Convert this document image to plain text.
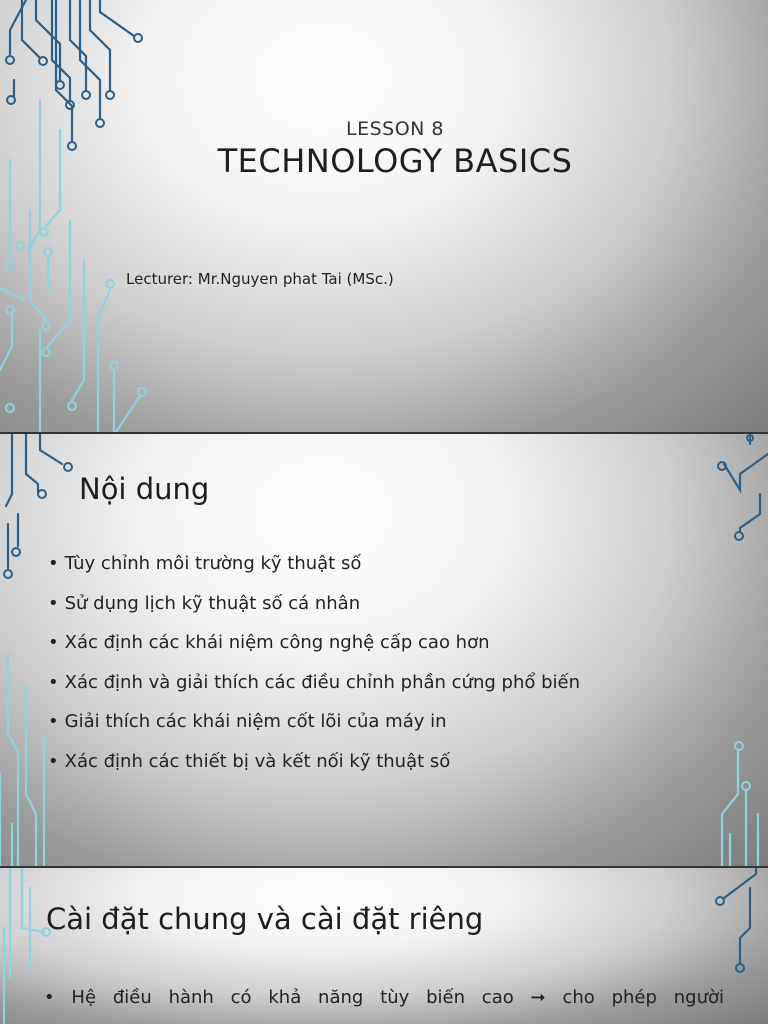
LESSON 8
TECHNOLOGY BASICS
Lecturer: Mr.Nguyen phat Tai (MSc.)
Nội dung
• Tùy chỉnh môi trường kỹ thuật số
• Sử dụng lịch kỹ thuật số cá nhân
• Xác định các khái niệm công nghệ cấp cao hơn
• Xác định và giải thích các điều chỉnh phần cứng phổ biến
• Giải thích các khái niệm cốt lõi của máy in
• Xác định các thiết bị và kết nối kỹ thuật số
Cài đặt chung và cài đặt riêng
• Hệ điều hành có khả năng tùy biến cao ➞ cho phép người
